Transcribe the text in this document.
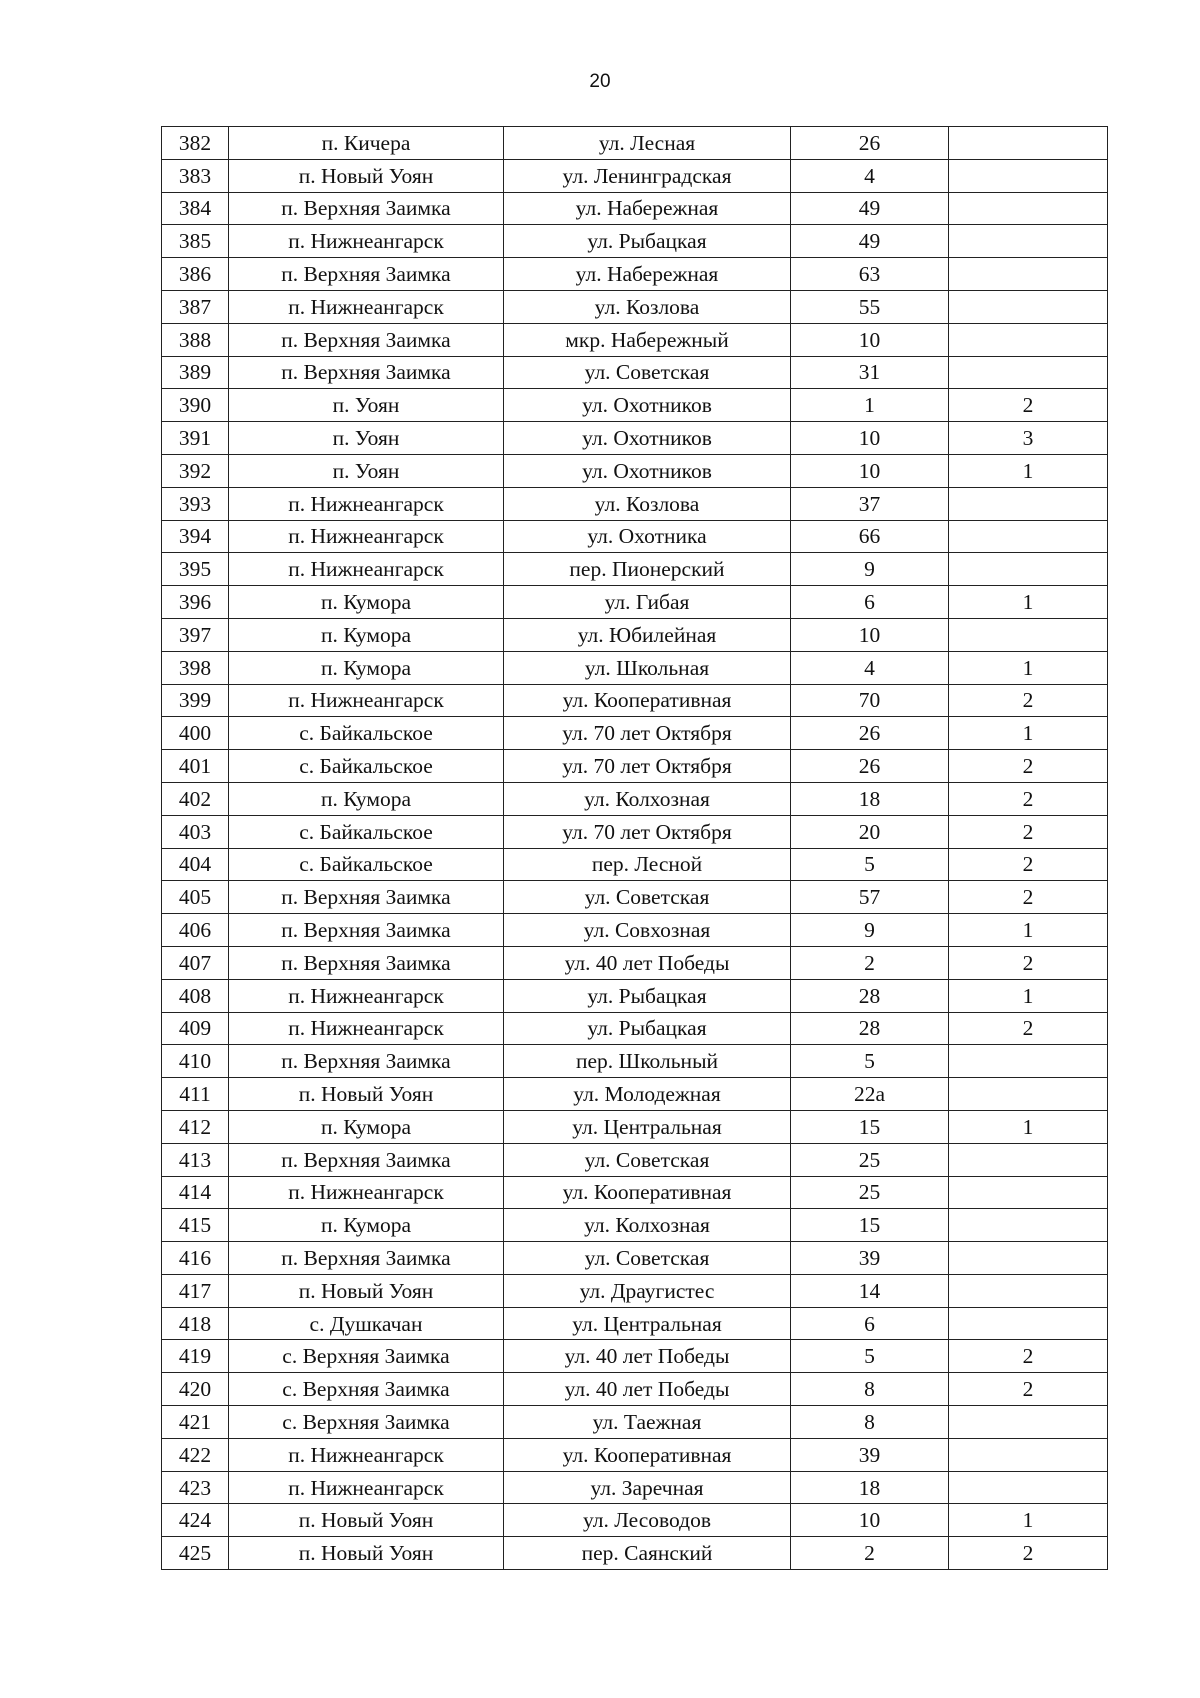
20
382	п. Кичера	ул. Лесная	26	
383	п. Новый Уоян	ул. Ленинградская	4	
384	п. Верхняя Заимка	ул. Набережная	49	
385	п. Нижнеангарск	ул. Рыбацкая	49	
386	п. Верхняя Заимка	ул. Набережная	63	
387	п. Нижнеангарск	ул. Козлова	55	
388	п. Верхняя Заимка	мкр. Набережный	10	
389	п. Верхняя Заимка	ул. Советская	31	
390	п. Уоян	ул. Охотников	1	2
391	п. Уоян	ул. Охотников	10	3
392	п. Уоян	ул. Охотников	10	1
393	п. Нижнеангарск	ул. Козлова	37	
394	п. Нижнеангарск	ул. Охотника	66	
395	п. Нижнеангарск	пер. Пионерский	9	
396	п. Кумора	ул. Гибая	6	1
397	п. Кумора	ул. Юбилейная	10	
398	п. Кумора	ул. Школьная	4	1
399	п. Нижнеангарск	ул. Кооперативная	70	2
400	с. Байкальское	ул. 70 лет Октября	26	1
401	с. Байкальское	ул. 70 лет Октября	26	2
402	п. Кумора	ул. Колхозная	18	2
403	с. Байкальское	ул. 70 лет Октября	20	2
404	с. Байкальское	пер. Лесной	5	2
405	п. Верхняя Заимка	ул. Советская	57	2
406	п. Верхняя Заимка	ул. Совхозная	9	1
407	п. Верхняя Заимка	ул. 40 лет Победы	2	2
408	п. Нижнеангарск	ул. Рыбацкая	28	1
409	п. Нижнеангарск	ул. Рыбацкая	28	2
410	п. Верхняя Заимка	пер. Школьный	5	
411	п. Новый Уоян	ул. Молодежная	22а	
412	п. Кумора	ул. Центральная	15	1
413	п. Верхняя Заимка	ул. Советская	25	
414	п. Нижнеангарск	ул. Кооперативная	25	
415	п. Кумора	ул. Колхозная	15	
416	п. Верхняя Заимка	ул. Советская	39	
417	п. Новый Уоян	ул. Драугистес	14	
418	с. Душкачан	ул. Центральная	6	
419	с. Верхняя Заимка	ул. 40 лет Победы	5	2
420	с. Верхняя Заимка	ул. 40 лет Победы	8	2
421	с. Верхняя Заимка	ул. Таежная	8	
422	п. Нижнеангарск	ул. Кооперативная	39	
423	п. Нижнеангарск	ул. Заречная	18	
424	п. Новый Уоян	ул. Лесоводов	10	1
425	п. Новый Уоян	пер. Саянский	2	2
